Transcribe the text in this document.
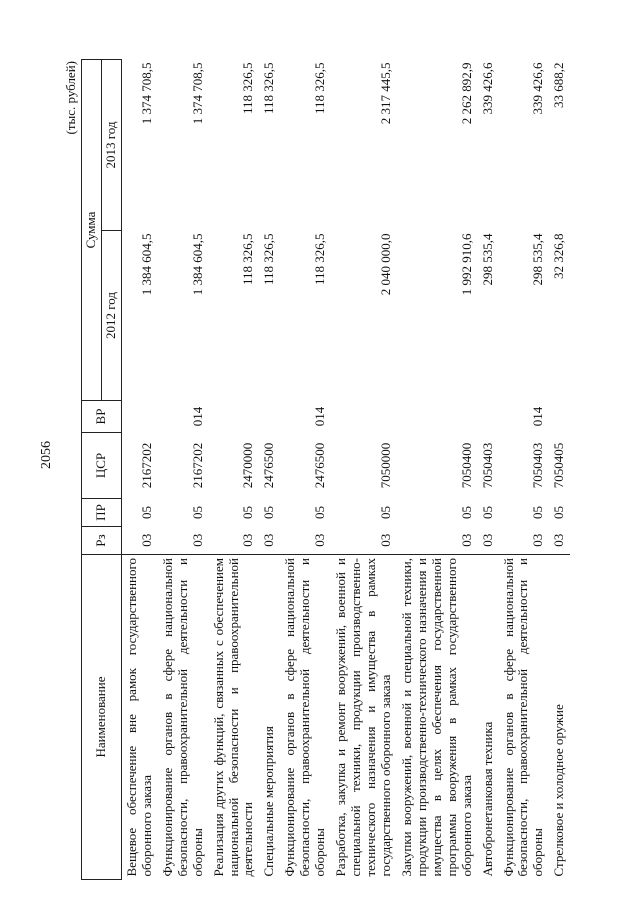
2056
(тыс. рублей)
Наименование	Рз	ПР	ЦСР	ВР	Сумма	
					2012 год	2013 год
Вещевое обеспечение вне рамок государственного оборонного заказа	03	05	2167202		1 384 604,5	1 374 708,5
Функционирование органов в сфере национальной безопасности, правоохранительной деятельности и обороны	03	05	2167202	014	1 384 604,5	1 374 708,5
Реализация других функций, связанных с обеспечением национальной безопасности и правоохранительной деятельности	03	05	2470000		118 326,5	118 326,5
Специальные мероприятия	03	05	2476500		118 326,5	118 326,5
Функционирование органов в сфере национальной безопасности, правоохранительной деятельности и обороны	03	05	2476500	014	118 326,5	118 326,5
Разработка, закупка и ремонт вооружений, военной и специальной техники, продукции производственно-технического назначения и имущества в рамках государственного оборонного заказа	03	05	7050000		2 040 000,0	2 317 445,5
Закупки вооружений, военной и специальной техники, продукции производственно-технического назначения и имущества в целях обеспечения государственной программы вооружения в рамках государственного оборонного заказа	03	05	7050400		1 992 910,6	2 262 892,9
Автобронетанковая техника	03	05	7050403		298 535,4	339 426,6
Функционирование органов в сфере национальной безопасности, правоохранительной деятельности и обороны	03	05	7050403	014	298 535,4	339 426,6
Стрелковое и холодное оружие	03	05	7050405		32 326,8	33 688,2
